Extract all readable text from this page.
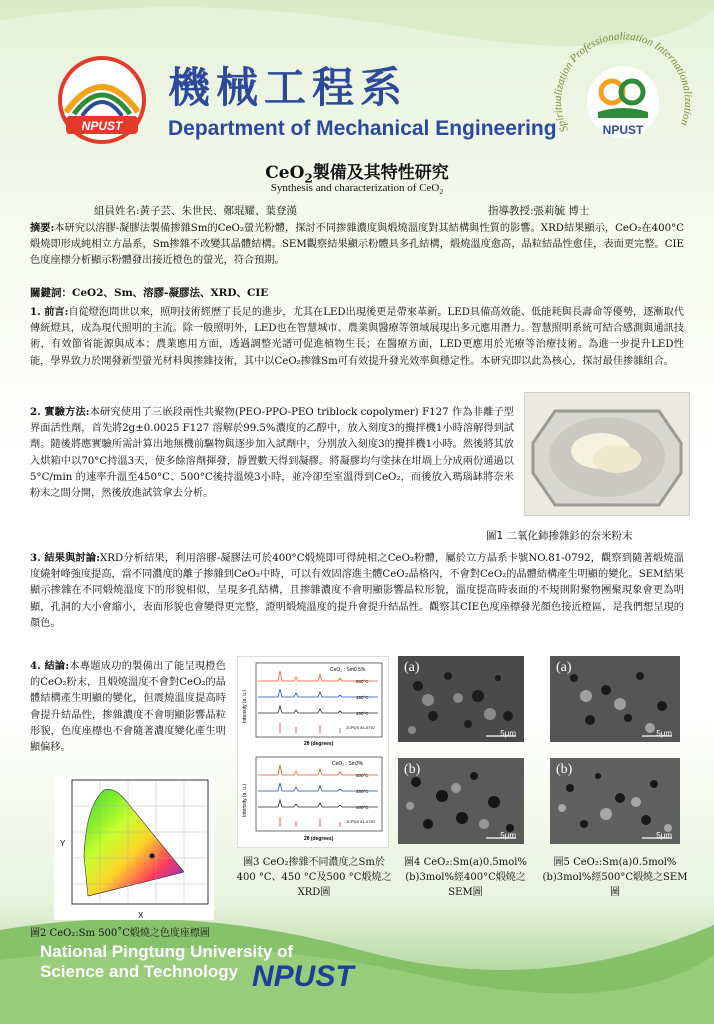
NPUST
機械工程系
Department of Mechanical Engineering Spiritualization Professionalization Internationalization
NPUST
CeO$_2$製備及其特性研究
Synthesis and characterization of CeO$_2$
組員姓名:黃子芸、朱世民、鄭琨耀、葉登漢	指導教授:張莉毓 博士

摘要:本研究以溶膠-凝膠法製備掺雜Sm的CeO₂螢光粉體，探討不同掺雜濃度與煅燒溫度對其結構與性質的影響。XRD結果顯示，CeO₂在400°C煅燒即形成純相立方晶系，Sm掺雜不改變其晶體結構。SEM觀察結果顯示粉體具多孔結構，煅燒溫度愈高，晶粒結晶性愈佳，表面更完整。CIE色度座標分析顯示粉體發出接近橙色的螢光，符合預期。

關鍵詞：CeO2、Sm、溶膠-凝膠法、XRD、CIE

1. 前言:自從燈泡問世以來，照明技術經歷了長足的進步，尤其在LED出現後更是帶來革新。LED具備高效能、低能耗與長壽命等優勢，逐漸取代傳統燈具，成為現代照明的主流。除一般照明外，LED也在智慧城市、農業與醫療等領域展現出多元應用潛力。智慧照明系統可結合感測與通訊技術，有效節省能源與成本；農業應用方面，透過調整光譜可促進植物生長；在醫療方面，LED更應用於光療等治療技術。為進一步提升LED性能，學界致力於開發新型螢光材料與掺雜技術，其中以CeO₂掺雜Sm可有效提升發光效率與穩定性。本研究即以此為核心，探討最佳掺雜組合。

2. 實驗方法:本研究使用了三嵌段兩性共聚物(PEO-PPO-PEO triblock copolymer) F127 作為非離子型界面活性劑，首先將2g±0.0025 F127 溶解於99.5%濃度的乙醇中，放入刻度3的攪拌機1小時溶解得到試劑。隨後將應實驗所需計算出地無機前驅物與逐步加入試劑中，分別放入刻度3的攪拌機1小時。然後將其放入烘箱中以70°C持溫3天，使多餘溶劑揮發，靜置數天得到凝膠。將凝膠均勻塗抹在坩堝上分成兩份通過以5°C/min 的速率升溫至450°C、500°C後持溫燒3小時，並冷卻至室溫得到CeO₂，而後放入瑪瑙缽將奈米粉末之間分開，然後放進試管拿去分析。

圖1 二氧化鈰掺雜釤的奈米粉末

3. 結果與討論:XRD分析結果，利用溶膠-凝膠法可於400°C煅燒即可得純相之CeO₂粉體，屬於立方晶系卡號NO.81-0792，觀察到隨著煅燒溫度繞射峰強度提高，當不同濃度的離子掺雜到CeO₂中時，可以有效固溶進主體CeO₂晶格內，不會對CeO₂的晶體結構產生明顯的變化。SEM結果顯示掺雜在不同煅燒溫度下的形貌相似，呈現多孔結構，且掺雜濃度不會明顯影響晶粒形貌，溫度提高時表面的不規則附聚物團聚現象會更為明顯，孔洞的大小會縮小，表面形貌也會變得更完整，證明煅燒溫度的提升會提升結晶性。觀察其CIE色度座標發光顏色接近橙區，是我們想呈現的顏色。

4. 結論:本專題成功的製備出了能呈現橙色的CeO₂粉末，且煅燒溫度不會對CeO₂的晶體結構產生明顯的變化，但震燒溫度提高時會提升結晶性，掺雜濃度不會明顯影響晶粒形貌，色度座標也不會隨著濃度變化產生明顯偏移。

Y
X
圖2 CeO₂:Sm 500˚C煅燒之色度座標圖
CeO₂ : Sm0.5%
500°C
450°C
400°C
JCPDS 81-0792
Intensity (a. u.)
2θ (degrees)
CeO₂ : Sm3%
500°C
450°C
400°C
JCPDS 81-0792
Intensity (a. u.)
2θ (degrees)
圖3 CeO₂掺雜不同濃度之Sm於400 °C、450 °C及500 °C煅燒之XRD圖
(a)
5μm
(b)
5μm
圖4 CeO₂:Sm(a)0.5mol% (b)3mol%經400°C煅燒之SEM圖
(a)
5μm
(b)
5μm
圖5 CeO₂:Sm(a)0.5mol% (b)3mol%經500°C煅燒之SEM圖
National Pingtung University of
Science and Technology NPUST
